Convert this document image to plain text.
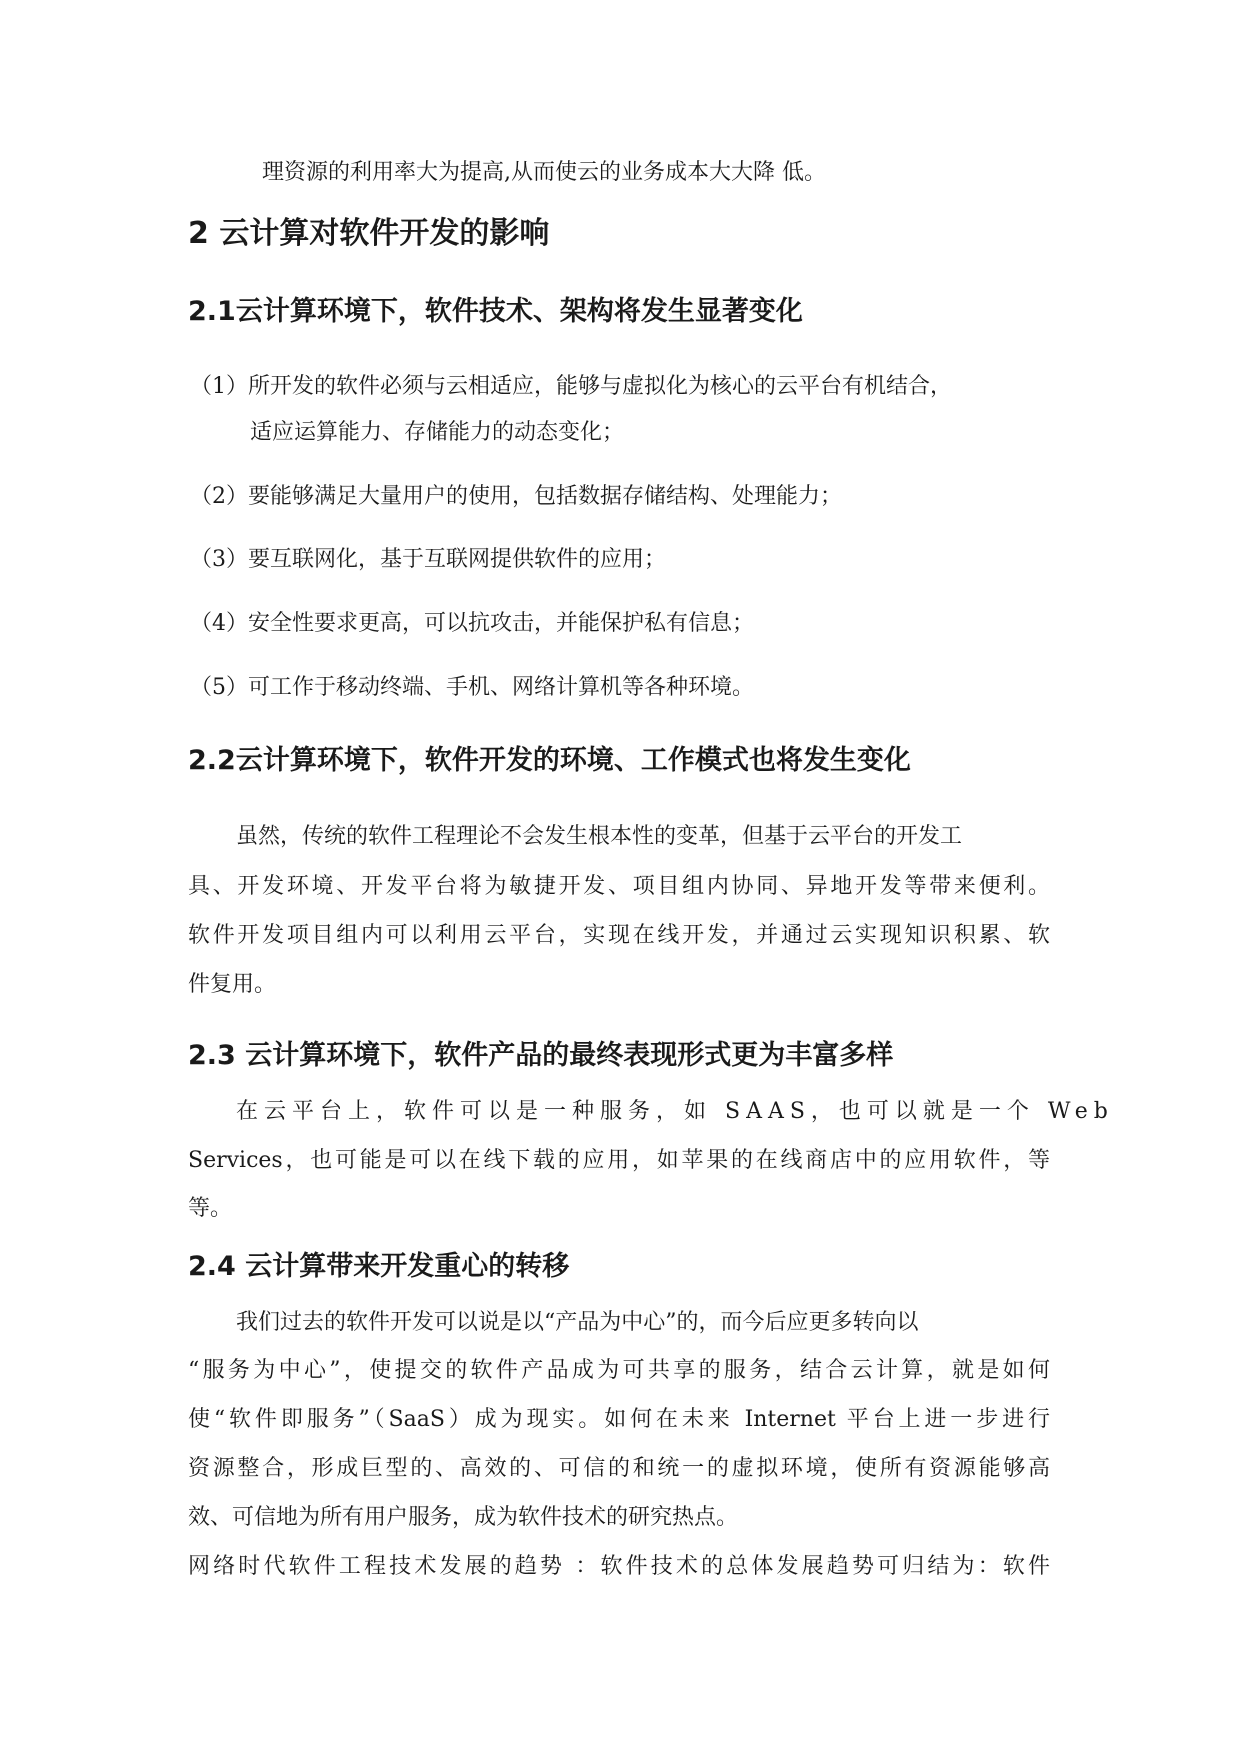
理资源的利用率大为提高,从而使云的业务成本大大降 低。
2 云计算对软件开发的影响
2.1云计算环境下，软件技术、架构将发生显著变化
（1）所开发的软件必须与云相适应，能够与虚拟化为核心的云平台有机结合，
适应运算能力、存储能力的动态变化；
（2）要能够满足大量用户的使用，包括数据存储结构、处理能力；
（3）要互联网化，基于互联网提供软件的应用；
（4）安全性要求更高，可以抗攻击，并能保护私有信息；
（5）可工作于移动终端、手机、网络计算机等各种环境。
2.2云计算环境下，软件开发的环境、工作模式也将发生变化
虽然，传统的软件工程理论不会发生根本性的变革，但基于云平台的开发工
具、开发环境、开发平台将为敏捷开发、项目组内协同、异地开发等带来便利。
软件开发项目组内可以利用云平台，实现在线开发，并通过云实现知识积累、软
件复用。
2.3 云计算环境下，软件产品的最终表现形式更为丰富多样
在云平台上，软件可以是一种服务，如 SAAS，也可以就是一个 Web
Services，也可能是可以在线下载的应用，如苹果的在线商店中的应用软件，等
等。
2.4 云计算带来开发重心的转移
我们过去的软件开发可以说是以“产品为中心”的，而今后应更多转向以
“服务为中心”，使提交的软件产品成为可共享的服务，结合云计算，就是如何
使“软件即服务”（SaaS）成为现实。如何在未来 Internet 平台上进一步进行
资源整合，形成巨型的、高效的、可信的和统一的虚拟环境，使所有资源能够高
效、可信地为所有用户服务，成为软件技术的研究热点。
网络时代软件工程技术发展的趋势 ：软件技术的总体发展趋势可归结为：软件
